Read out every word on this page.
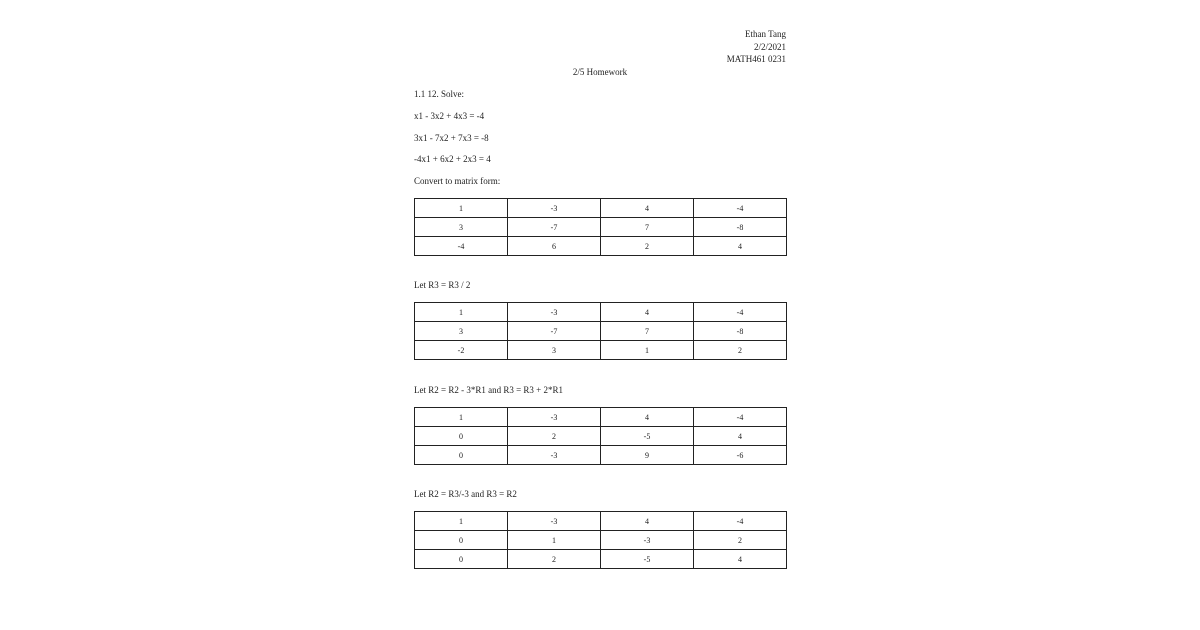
Ethan Tang
2/2/2021
MATH461 0231
2/5 Homework
1.1 12. Solve:
x1 - 3x2 + 4x3 = -4
3x1 - 7x2 + 7x3 = -8
-4x1 + 6x2 + 2x3 = 4
Convert to matrix form:
1	-3	4	-4
3	-7	7	-8
-4	6	2	4
Let R3 = R3 / 2
1	-3	4	-4
3	-7	7	-8
-2	3	1	2
Let R2 = R2 - 3*R1 and R3 = R3 + 2*R1
1	-3	4	-4
0	2	-5	4
0	-3	9	-6
Let R2 = R3/-3 and R3 = R2
1	-3	4	-4
0	1	-3	2
0	2	-5	4
